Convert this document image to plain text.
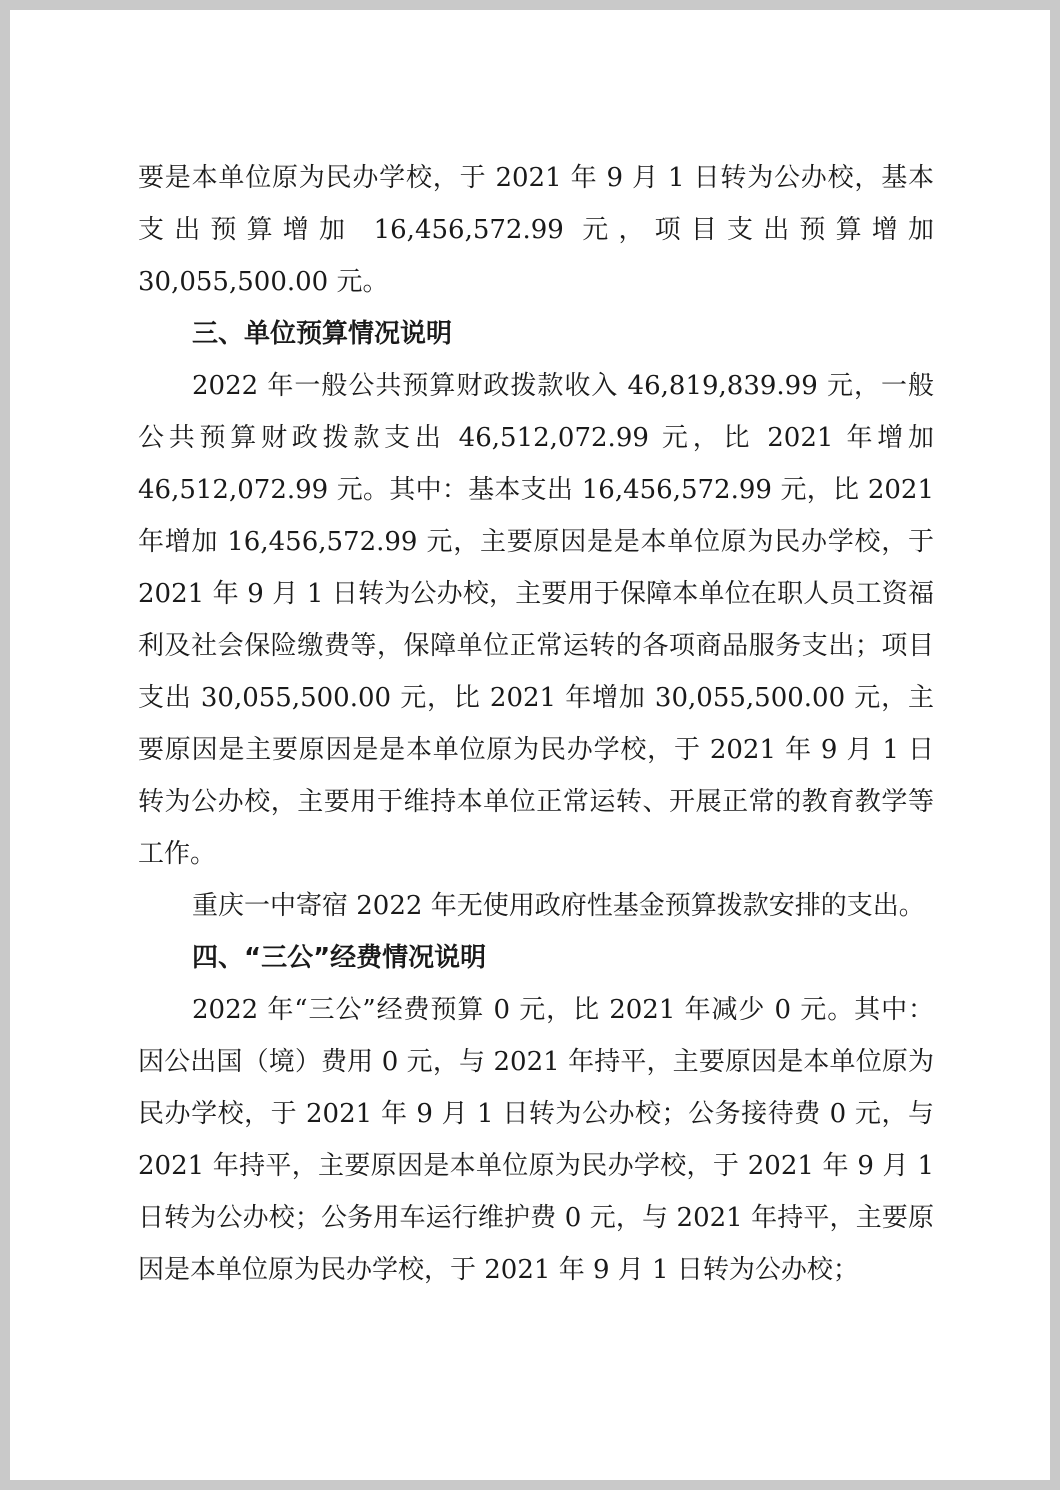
要是本单位原为民办学校，于 2021 年 9 月 1 日转为公办校，基本支出预算增加 16,456,572.99 元，项目支出预算增加 30,055,500.00 元。

三、单位预算情况说明

2022 年一般公共预算财政拨款收入 46,819,839.99 元，一般公共预算财政拨款支出 46,512,072.99 元，比 2021 年增加 46,512,072.99 元。其中：基本支出 16,456,572.99 元，比 2021 年增加 16,456,572.99 元，主要原因是是本单位原为民办学校，于 2021 年 9 月 1 日转为公办校，主要用于保障本单位在职人员工资福利及社会保险缴费等，保障单位正常运转的各项商品服务支出；项目支出 30,055,500.00 元，比 2021 年增加 30,055,500.00 元，主要原因是主要原因是是本单位原为民办学校，于 2021 年 9 月 1 日转为公办校，主要用于维持本单位正常运转、开展正常的教育教学等工作。

重庆一中寄宿 2022 年无使用政府性基金预算拨款安排的支出。

四、“三公”经费情况说明

2022 年“三公”经费预算 0 元，比 2021 年减少 0 元。其中：因公出国（境）费用 0 元，与 2021 年持平，主要原因是本单位原为民办学校，于 2021 年 9 月 1 日转为公办校；公务接待费 0 元，与 2021 年持平，主要原因是本单位原为民办学校，于 2021 年 9 月 1 日转为公办校；公务用车运行维护费 0 元，与 2021 年持平，主要原因是本单位原为民办学校，于 2021 年 9 月 1 日转为公办校；
